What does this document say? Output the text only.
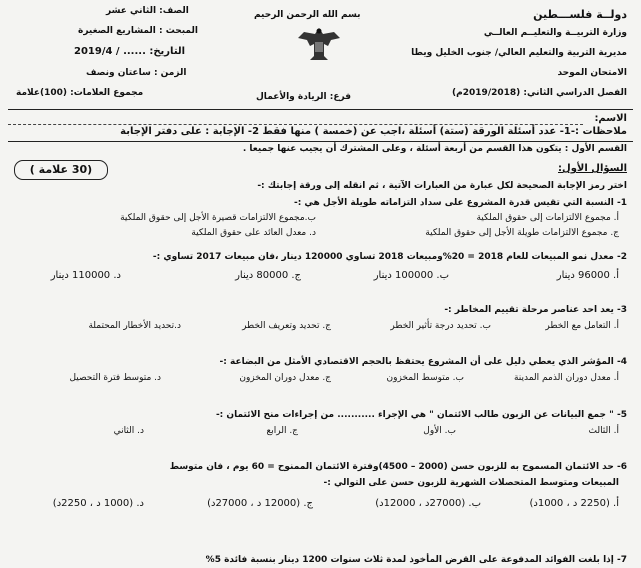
دولــة فلســـطين
وزارة التربيــة والتعليــم العالــي
مديرية التربية والتعليم العالي/ جنوب الخليل ويطا
الامتحان الموحد
الفصل الدراسي الثاني: (2019/2018م)
بسم الله الرحمن الرحيم
فرع: الريادة والأعمال
الصف: الثاني عشر
المبحث : المشاريع الصغيرة
التاريخ: ...... / 2019/4
الزمن : ساعتان ونصف
مجموع العلامات: (100)علامة
الاسم:
ملاحظات :-1- عدد أسئلة الورقة (ستة) أسئلة ،اجب عن (خمسة ) منها فقط 2- الإجابة : على دفتر الإجابة
القسم الأول : يتكون هذا القسم من أربعة أسئلة ، وعلى المشترك أن يجيب عنها جميعا .
(30 علامة )	السؤال الأول:
اختر رمز الإجابة الصحيحة لكل عبارة من العبارات الآتية ، ثم انقله إلى ورقة إجابتك :-
1- النسبة التي تقيس قدرة المشروع على سداد التزاماته طويلة الأجل هي :-
أ. مجموع الالتزامات إلى حقوق الملكية
ب.مجموع الالتزامات قصيرة الأجل إلى حقوق الملكية
ج. مجموع الالتزامات طويلة الأجل إلى حقوق الملكية
د. معدل العائد على حقوق الملكية
2- معدل نمو المبيعات للعام 2018 = 20%ومبيعات 2018 تساوي 120000 دينار ،فان مبيعات 2017 تساوي :-
أ. 96000 دينار
ب. 100000 دينار
ج. 80000 دينار
د. 110000 دينار
3- يعد احد عناصر مرحلة تقييم المخاطر :-
أ. التعامل مع الخطر
ب. تحديد درجة تأثير الخطر
ج. تحديد وتعريف الخطر
د.تحديد الأخطار المحتملة
4- المؤشر الذي يعطي دليل على أن المشروع يحتفظ بالحجم الاقتصادي الأمثل من البضاعة :-
أ. معدل دوران الذمم المدينة
ب. متوسط المخزون
ج. معدل دوران المخزون
د. متوسط فترة التحصيل
5- " جمع البيانات عن الزبون طالب الائتمان " هي الإجراء ........... من إجراءات منح الائتمان :-
أ. الثالث
ب. الأول
ج. الرابع
د. الثاني
6- حد الائتمان المسموح به للزبون حسن (2000 – 4500)وفترة الائتمان الممنوح = 60 يوم ، فان متوسط
المبيعات ومتوسط المتحصلات الشهرية للزبون حسن على التوالي :-
أ. (2250 د ، 1000د)
ب. (27000د ، 12000د)
ج. (12000 د ، 27000د)
د. (1000 د ، 2250د)
7- إذا بلغت الفوائد المدفوعة على القرض المأخوذ لمدة ثلاث سنوات 1200 دينار بنسبة فائدة 5%
